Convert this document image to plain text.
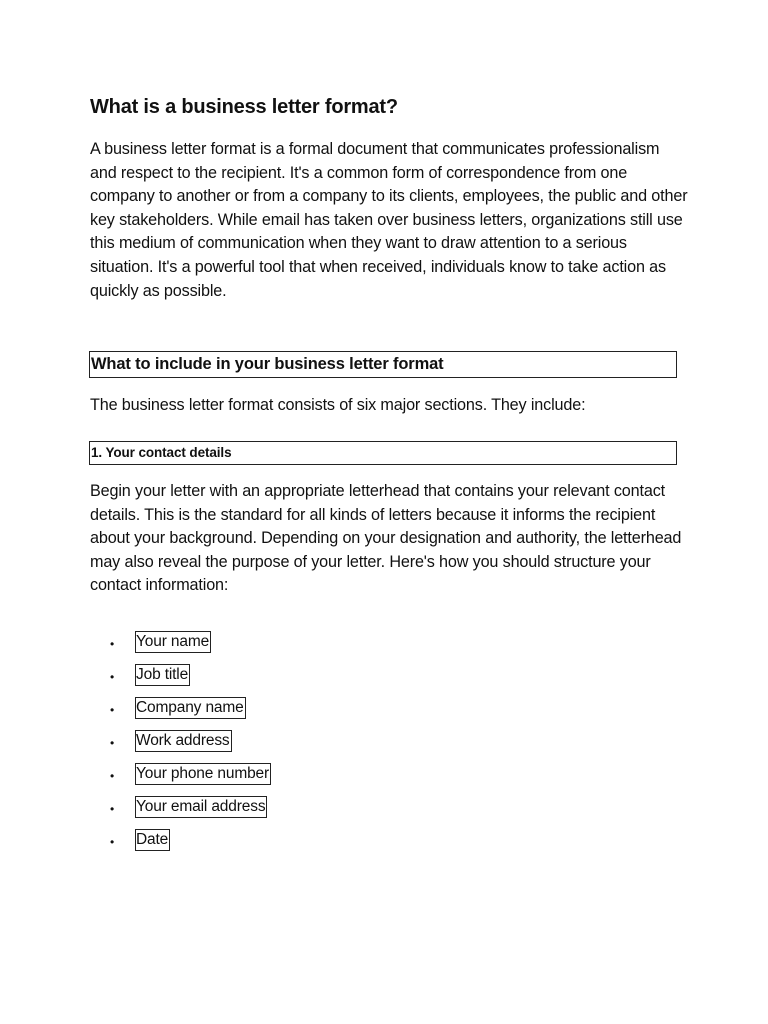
What is a business letter format?

A business letter format is a formal document that communicates professionalism and respect to the recipient. It's a common form of correspondence from one company to another or from a company to its clients, employees, the public and other key stakeholders. While email has taken over business letters, organizations still use this medium of communication when they want to draw attention to a serious situation. It's a powerful tool that when received, individuals know to take action as quickly as possible.

What to include in your business letter format

The business letter format consists of six major sections. They include:

1. Your contact details

Begin your letter with an appropriate letterhead that contains your relevant contact details. This is the standard for all kinds of letters because it informs the recipient about your background. Depending on your designation and authority, the letterhead may also reveal the purpose of your letter. Here's how you should structure your contact information:

• Your name
• Job title
• Company name
• Work address
• Your phone number
• Your email address
• Date
